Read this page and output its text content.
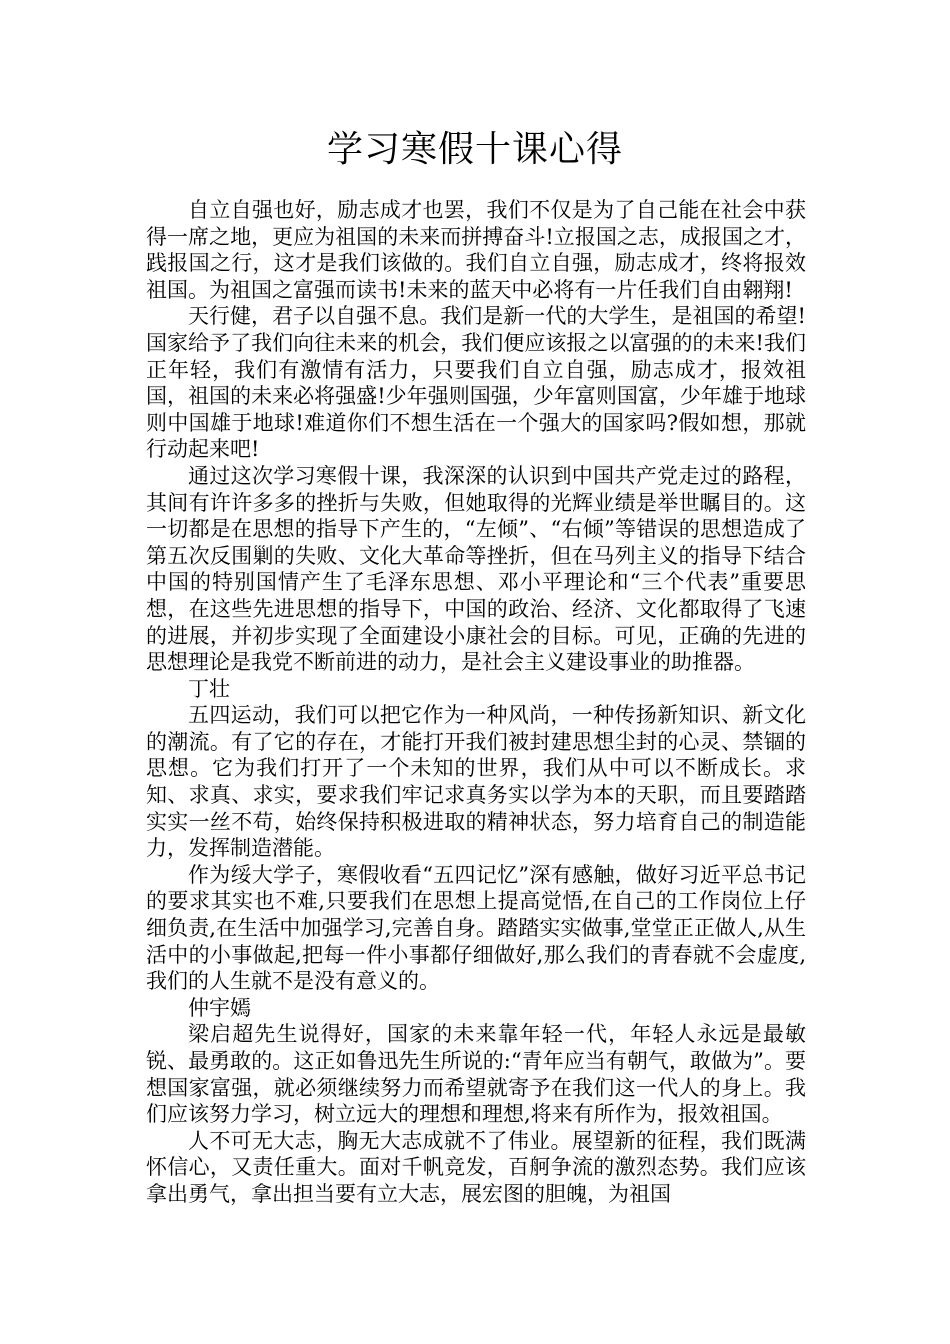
学习寒假十课心得

自立自强也好，励志成才也罢，我们不仅是为了自己能在社会中获得一席之地，更应为祖国的未来而拼搏奋斗!立报国之志，成报国之才，践报国之行，这才是我们该做的。我们自立自强，励志成才，终将报效祖国。为祖国之富强而读书!未来的蓝天中必将有一片任我们自由翱翔!

天行健，君子以自强不息。我们是新一代的大学生，是祖国的希望!国家给予了我们向往未来的机会，我们便应该报之以富强的的未来!我们正年轻，我们有激情有活力，只要我们自立自强，励志成才，报效祖国，祖国的未来必将强盛!少年强则国强，少年富则国富，少年雄于地球则中国雄于地球!难道你们不想生活在一个强大的国家吗?假如想，那就行动起来吧!

通过这次学习寒假十课，我深深的认识到中国共产党走过的路程，其间有许许多多的挫折与失败，但她取得的光辉业绩是举世瞩目的。这一切都是在思想的指导下产生的，“左倾”、“右倾”等错误的思想造成了第五次反围剿的失败、文化大革命等挫折，但在马列主义的指导下结合中国的特别国情产生了毛泽东思想、邓小平理论和“三个代表”重要思想，在这些先进思想的指导下，中国的政治、经济、文化都取得了飞速的进展，并初步实现了全面建设小康社会的目标。可见，正确的先进的思想理论是我党不断前进的动力，是社会主义建设事业的助推器。

丁壮

五四运动，我们可以把它作为一种风尚，一种传扬新知识、新文化的潮流。有了它的存在，才能打开我们被封建思想尘封的心灵、禁锢的思想。它为我们打开了一个未知的世界，我们从中可以不断成长。求知、求真、求实，要求我们牢记求真务实以学为本的天职，而且要踏踏实实一丝不苟，始终保持积极进取的精神状态，努力培育自己的制造能力，发挥制造潜能。

作为绥大学子，寒假收看“五四记忆”深有感触，做好习近平总书记的要求其实也不难,只要我们在思想上提高觉悟,在自己的工作岗位上仔细负责,在生活中加强学习,完善自身。踏踏实实做事,堂堂正正做人,从生活中的小事做起,把每一件小事都仔细做好,那么我们的青春就不会虚度,我们的人生就不是没有意义的。

仲宇嫣

梁启超先生说得好，国家的未来靠年轻一代，年轻人永远是最敏锐、最勇敢的。这正如鲁迅先生所说的:“青年应当有朝气，敢做为”。要想国家富强，就必须继续努力而希望就寄予在我们这一代人的身上。我们应该努力学习，树立远大的理想和理想,将来有所作为，报效祖国。

人不可无大志，胸无大志成就不了伟业。展望新的征程，我们既满怀信心，又责任重大。面对千帆竞发，百舸争流的激烈态势。我们应该拿出勇气，拿出担当要有立大志，展宏图的胆魄，为祖国
